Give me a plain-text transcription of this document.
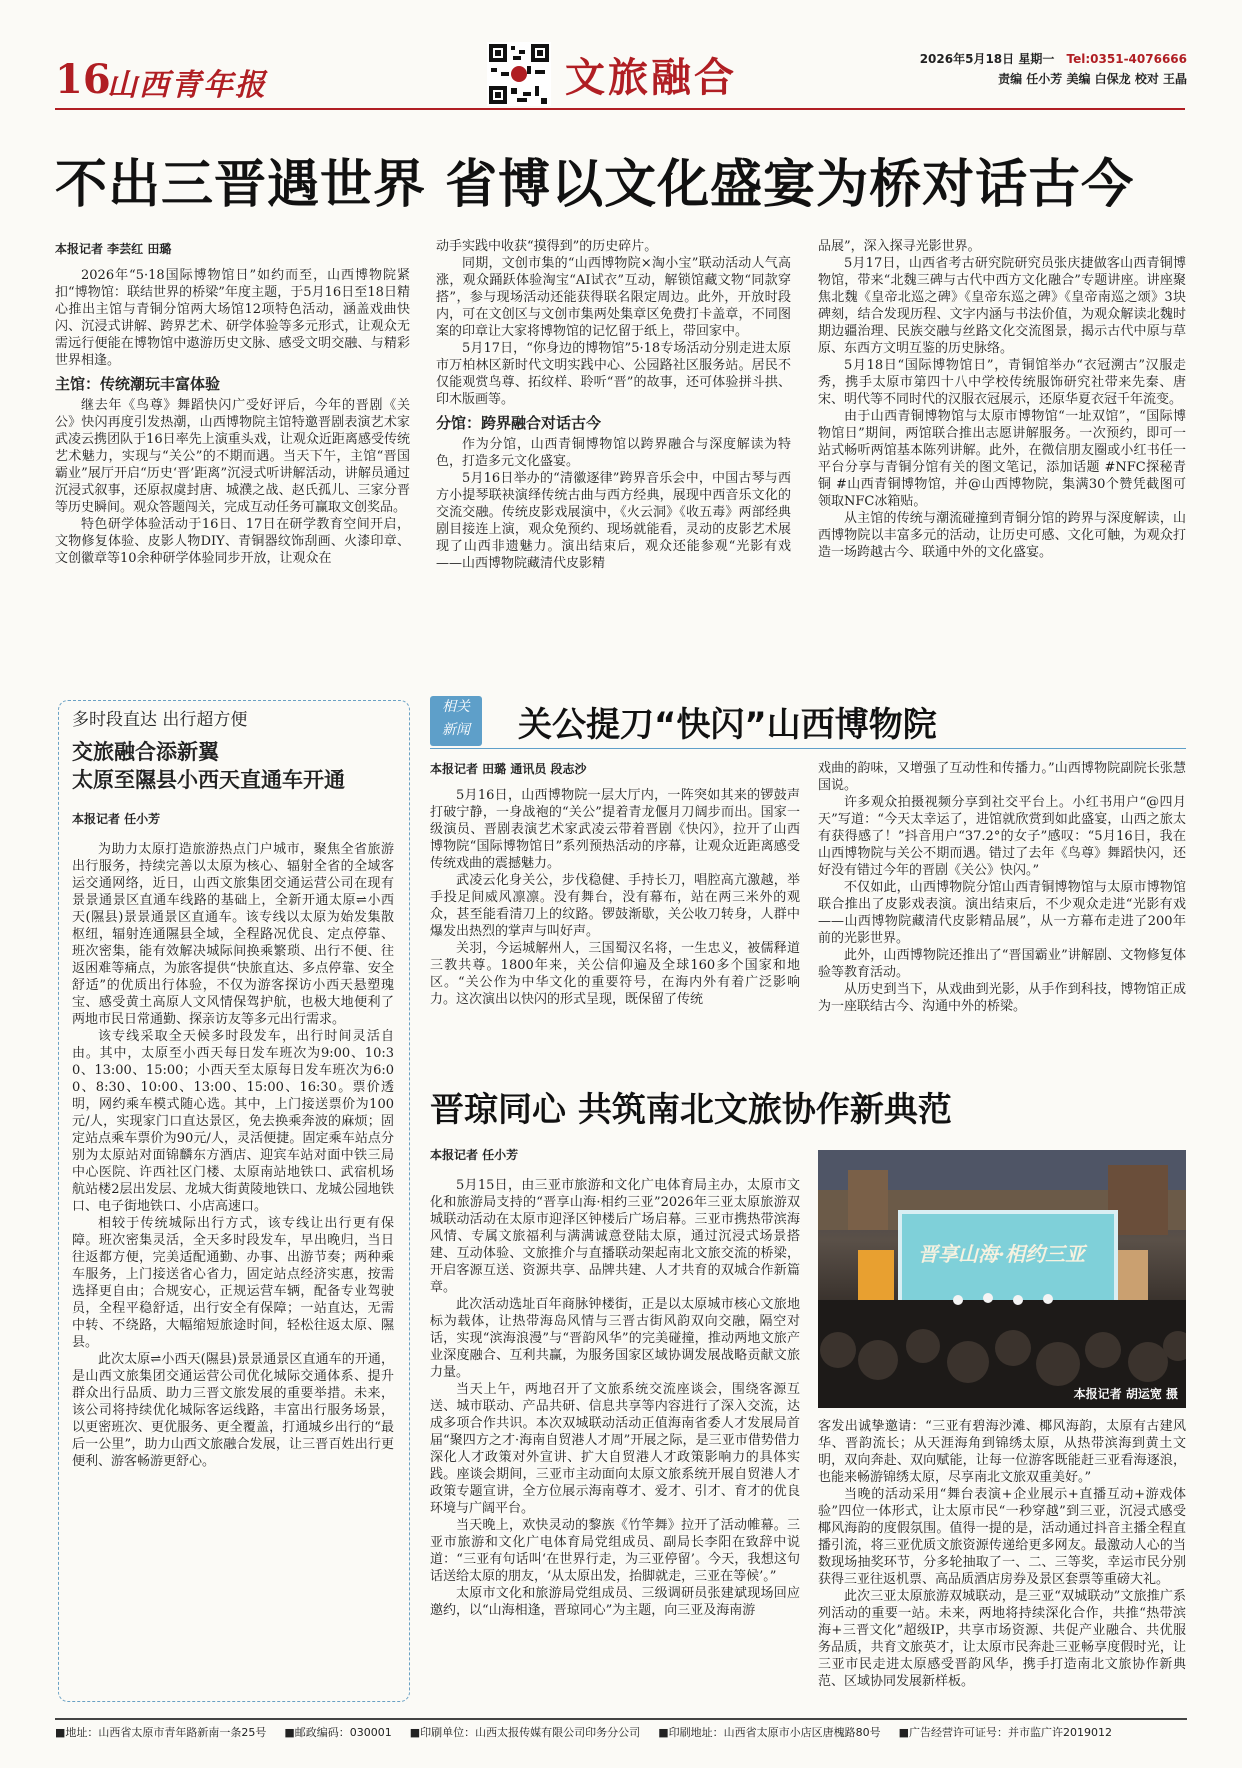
16
山西青年报	文旅融合	2026年5月18日 星期一 Tel:0351-4076666
责编 任小芳 美编 白保龙 校对 王晶
不出三晋遇世界 省博以文化盛宴为桥对话古今

本报记者 李芸红 田璐

2026年“5·18国际博物馆日”如约而至，山西博物院紧扣“博物馆：联结世界的桥梁”年度主题，于5月16日至18日精心推出主馆与青铜分馆两大场馆12项特色活动，涵盖戏曲快闪、沉浸式讲解、跨界艺术、研学体验等多元形式，让观众无需远行便能在博物馆中遨游历史文脉、感受文明交融、与精彩世界相逢。

主馆：传统潮玩丰富体验

继去年《鸟尊》舞蹈快闪广受好评后，今年的晋剧《关公》快闪再度引发热潮，山西博物院主馆特邀晋剧表演艺术家武凌云携团队于16日率先上演重头戏，让观众近距离感受传统艺术魅力，实现与“关公”的不期而遇。当天下午，主馆“晋国霸业”展厅开启“历史‘晋’距离”沉浸式听讲解活动，讲解员通过沉浸式叙事，还原叔虞封唐、城濮之战、赵氏孤儿、三家分晋等历史瞬间。观众答题闯关，完成互动任务可赢取文创奖品。

特色研学体验活动于16日、17日在研学教育空间开启，文物修复体验、皮影人物DIY、青铜器纹饰刮画、火漆印章、文创徽章等10余种研学体验同步开放，让观众在

动手实践中收获“摸得到”的历史碎片。

同期，文创市集的“山西博物院×淘小宝”联动活动人气高涨，观众踊跃体验淘宝“AI试衣”互动，解锁馆藏文物“同款穿搭”，参与现场活动还能获得联名限定周边。此外，开放时段内，可在文创区与文创市集两处集章区免费打卡盖章，不同图案的印章让大家将博物馆的记忆留于纸上，带回家中。

5月17日，“你身边的博物馆”5·18专场活动分别走进太原市万柏林区新时代文明实践中心、公园路社区服务站。居民不仅能观赏鸟尊、拓纹样、聆听“晋”的故事，还可体验拼斗拱、印木版画等。

分馆：跨界融合对话古今

作为分馆，山西青铜博物馆以跨界融合与深度解读为特色，打造多元文化盛宴。

5月16日举办的“清徽逐律”跨界音乐会中，中国古琴与西方小提琴联袂演绎传统古曲与西方经典，展现中西音乐文化的交流交融。传统皮影戏展演中，《火云洞》《收五毒》两部经典剧目接连上演，观众免预约、现场就能看，灵动的皮影艺术展现了山西非遗魅力。演出结束后，观众还能参观“光影有戏——山西博物院藏清代皮影精

品展”，深入探寻光影世界。

5月17日，山西省考古研究院研究员张庆捷做客山西青铜博物馆，带来“北魏三碑与古代中西方文化融合”专题讲座。讲座聚焦北魏《皇帝北巡之碑》《皇帝东巡之碑》《皇帝南巡之颂》3块碑刻，结合发现历程、文字内涵与书法价值，为观众解读北魏时期边疆治理、民族交融与丝路文化交流图景，揭示古代中原与草原、东西方文明互鉴的历史脉络。

5月18日“国际博物馆日”，青铜馆举办“衣冠溯古”汉服走秀，携手太原市第四十八中学校传统服饰研究社带来先秦、唐宋、明代等不同时代的汉服衣冠展示，还原华夏衣冠千年流变。

由于山西青铜博物馆与太原市博物馆“一址双馆”，“国际博物馆日”期间，两馆联合推出志愿讲解服务。一次预约，即可一站式畅听两馆基本陈列讲解。此外，在微信朋友圈或小红书任一平台分享与青铜分馆有关的图文笔记，添加话题 #NFC探秘青铜 #山西青铜博物馆，并@山西博物院，集满30个赞凭截图可领取NFC冰箱贴。

从主馆的传统与潮流碰撞到青铜分馆的跨界与深度解读，山西博物院以丰富多元的活动，让历史可感、文化可触，为观众打造一场跨越古今、联通中外的文化盛宴。

多时段直达 出行超方便

交旅融合添新翼

太原至隰县小西天直通车开通

本报记者 任小芳

为助力太原打造旅游热点门户城市，聚焦全省旅游出行服务，持续完善以太原为核心、辐射全省的全域客运交通网络，近日，山西文旅集团交通运营公司在现有景景通景区直通车线路的基础上，全新开通太原⇌小西天(隰县)景景通景区直通车。该专线以太原为始发集散枢纽，辐射连通隰县全域，全程路况优良、定点停靠、班次密集，能有效解决城际间换乘繁琐、出行不便、往返困难等痛点，为旅客提供“快旅直达、多点停靠、安全舒适”的优质出行体验，不仅为游客探访小西天悬塑瑰宝、感受黄土高原人文风情保驾护航，也极大地便利了两地市民日常通勤、探亲访友等多元出行需求。

该专线采取全天候多时段发车，出行时间灵活自由。其中，太原至小西天每日发车班次为9:00、10:30、13:00、15:00；小西天至太原每日发车班次为6:00、8:30、10:00、13:00、15:00、16:30。票价透明，网约乘车模式随心选。其中，上门接送票价为100元/人，实现家门口直达景区，免去换乘奔波的麻烦；固定站点乘车票价为90元/人，灵活便捷。固定乘车站点分别为太原站对面锦麟东方酒店、迎宾车站对面中铁三局中心医院、许西社区门楼、太原南站地铁口、武宿机场航站楼2层出发层、龙城大街黄陵地铁口、龙城公园地铁口、电子街地铁口、小店高速口。

相较于传统城际出行方式，该专线让出行更有保障。班次密集灵活，全天多时段发车，早出晚归，当日往返都方便，完美适配通勤、办事、出游节奏；两种乘车服务，上门接送省心省力，固定站点经济实惠，按需选择更自由；合规安心，正规运营车辆，配备专业驾驶员，全程平稳舒适，出行安全有保障；一站直达，无需中转、不绕路，大幅缩短旅途时间，轻松往返太原、隰县。

此次太原⇌小西天(隰县)景景通景区直通车的开通，是山西文旅集团交通运营公司优化城际交通体系、提升群众出行品质、助力三晋文旅发展的重要举措。未来，该公司将持续优化城际客运线路，丰富出行服务场景，以更密班次、更优服务、更全覆盖，打通城乡出行的“最后一公里”，助力山西文旅融合发展，让三晋百姓出行更便利、游客畅游更舒心。

相关
新闻	关公提刀“快闪”山西博物院

本报记者 田璐 通讯员 段志沙

5月16日，山西博物院一层大厅内，一阵突如其来的锣鼓声打破宁静，一身战袍的“关公”提着青龙偃月刀阔步而出。国家一级演员、晋剧表演艺术家武凌云带着晋剧《快闪》，拉开了山西博物院“国际博物馆日”系列预热活动的序幕，让观众近距离感受传统戏曲的震撼魅力。

武凌云化身关公，步伐稳健、手持长刀，唱腔高亢激越，举手投足间威风凛凛。没有舞台，没有幕布，站在两三米外的观众，甚至能看清刀上的纹路。锣鼓渐歇，关公收刀转身，人群中爆发出热烈的掌声与叫好声。

关羽，今运城解州人，三国蜀汉名将，一生忠义，被儒释道三教共尊。1800年来，关公信仰遍及全球160多个国家和地区。“关公作为中华文化的重要符号，在海内外有着广泛影响力。这次演出以快闪的形式呈现，既保留了传统

戏曲的韵味，又增强了互动性和传播力。”山西博物院副院长张慧国说。

许多观众拍摄视频分享到社交平台上。小红书用户“@四月天”写道：“今天太幸运了，进馆就欣赏到如此盛宴，山西之旅太有获得感了！”抖音用户“37.2°的女子”感叹：“5月16日，我在山西博物院与关公不期而遇。错过了去年《鸟尊》舞蹈快闪，还好没有错过今年的晋剧《关公》快闪。”

不仅如此，山西博物院分馆山西青铜博物馆与太原市博物馆联合推出了皮影戏表演。演出结束后，不少观众走进“光影有戏——山西博物院藏清代皮影精品展”，从一方幕布走进了200年前的光影世界。

此外，山西博物院还推出了“晋国霸业”讲解剧、文物修复体验等教育活动。

从历史到当下，从戏曲到光影，从手作到科技，博物馆正成为一座联结古今、沟通中外的桥梁。

晋琼同心 共筑南北文旅协作新典范

本报记者 任小芳

5月15日，由三亚市旅游和文化广电体育局主办，太原市文化和旅游局支持的“晋享山海·相约三亚”2026年三亚太原旅游双城联动活动在太原市迎泽区钟楼后广场启幕。三亚市携热带滨海风情、专属文旅福利与满满诚意登陆太原，通过沉浸式场景搭建、互动体验、文旅推介与直播联动架起南北文旅交流的桥梁，开启客源互送、资源共享、品牌共建、人才共育的双城合作新篇章。

此次活动选址百年商脉钟楼街，正是以太原城市核心文旅地标为载体，让热带海岛风情与三晋古街风韵双向交融，隔空对话，实现“滨海浪漫”与“晋韵风华”的完美碰撞，推动两地文旅产业深度融合、互利共赢，为服务国家区域协调发展战略贡献文旅力量。

当天上午，两地召开了文旅系统交流座谈会，围绕客源互送、城市联动、产品共研、信息共享等内容进行了深入交流，达成多项合作共识。本次双城联动活动正值海南省委人才发展局首届“聚四方之才·海南自贸港人才周”开展之际，是三亚市借势借力深化人才政策对外宣讲、扩大自贸港人才政策影响力的具体实践。座谈会期间，三亚市主动面向太原文旅系统开展自贸港人才政策专题宣讲，全方位展示海南尊才、爱才、引才、育才的优良环境与广阔平台。

当天晚上，欢快灵动的黎族《竹竿舞》拉开了活动帷幕。三亚市旅游和文化广电体育局党组成员、副局长李阳在致辞中说道：“三亚有句话叫‘在世界行走，为三亚停留’。今天，我想这句话送给太原的朋友，‘从太原出发，抬脚就走，三亚在等候’。”

太原市文化和旅游局党组成员、三级调研员张建斌现场回应邀约，以“山海相逢，晋琼同心”为主题，向三亚及海南游

晋享山海·相约三亚
本报记者 胡运宽 摄

客发出诚挚邀请：“三亚有碧海沙滩、椰风海韵，太原有古建风华、晋韵流长；从天涯海角到锦绣太原，从热带滨海到黄土文明，双向奔赴、双向赋能，让每一位游客既能赶三亚看海逐浪，也能来畅游锦绣太原，尽享南北文旅双重美好。”

当晚的活动采用“舞台表演+企业展示+直播互动+游戏体验”四位一体形式，让太原市民“一秒穿越”到三亚，沉浸式感受椰风海韵的度假氛围。值得一提的是，活动通过抖音主播全程直播引流，将三亚优质文旅资源传递给更多网友。最激动人心的当数现场抽奖环节，分多轮抽取了一、二、三等奖，幸运市民分别获得三亚往返机票、高品质酒店房券及景区套票等重磅大礼。

此次三亚太原旅游双城联动，是三亚“双城联动”文旅推广系列活动的重要一站。未来，两地将持续深化合作，共推“热带滨海+三晋文化”超级IP，共享市场资源、共促产业融合、共优服务品质，共育文旅英才，让太原市民奔赴三亚畅享度假时光，让三亚市民走进太原感受晋韵风华，携手打造南北文旅协作新典范、区域协同发展新样板。

■地址：山西省太原市青年路新南一条25号 ■邮政编码：030001 ■印刷单位：山西太报传媒有限公司印务分公司 ■印刷地址：山西省太原市小店区唐槐路80号 ■广告经营许可证号：并市监广许2019012
